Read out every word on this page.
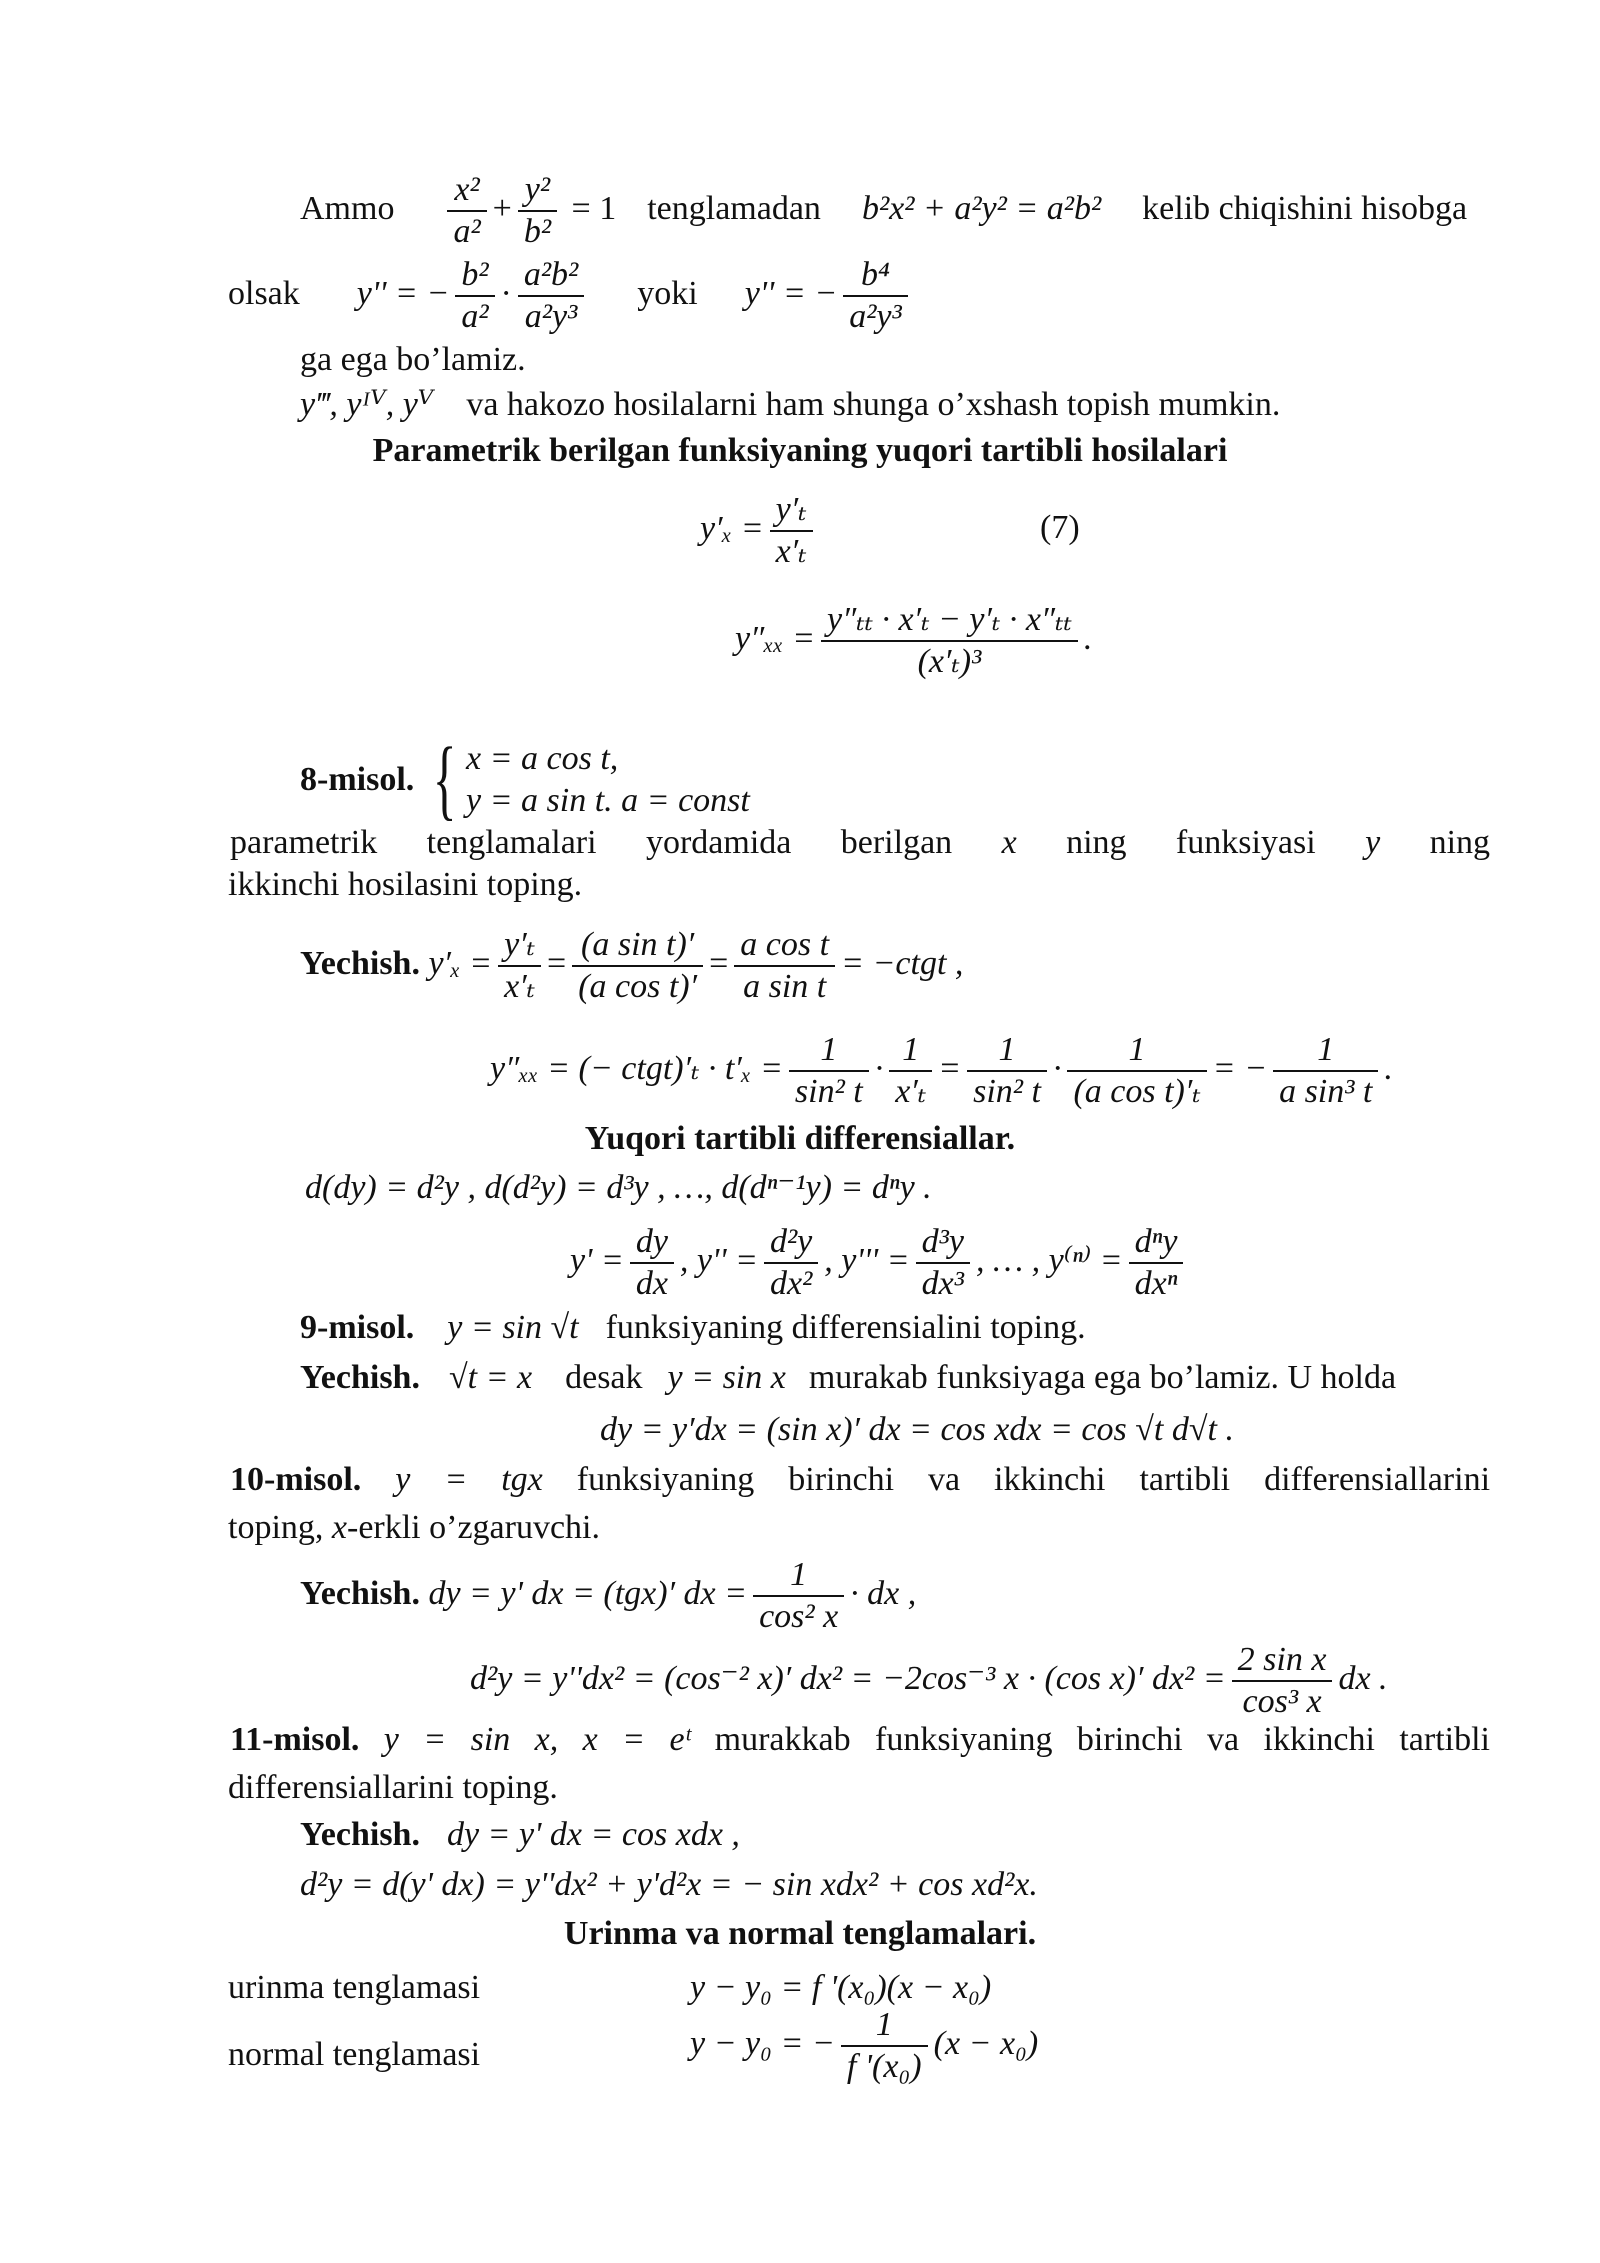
Ammo $\frac{\text{x²}}{\text{a²}} + \frac{\text{y²}}{\text{b²}} = 1$ tenglamadan b²x² + a²y² = a²b² kelib chiqishini hisobga
olsak y'' = − $\frac{\text{b²}}{\text{a²}} \cdot \frac{\text{a²b²}}{\text{a²y³}}$ yoki y'' = − $\frac{\text{b⁴}}{\text{a²y³}}$
ga ega bo’lamiz.
y‴, yᴵⱽ, yⱽ va hakozo hosilalarni ham shunga o’xshash topish mumkin.
Parametrik berilgan funksiyaning yuqori tartibli hosilalari
$y'_x = \frac{\text{y′ₜ}}{\text{x′ₜ}}$	(7)
$y''_{xx} = \frac{\text{y″ₜₜ · x′ₜ − y′ₜ · x″ₜₜ}}{\text{(x′ₜ)³}}$ .
8-misol. { x = a cos t,
y = a sin t. a = const
parametrik tenglamalari yordamida berilgan x ning funksiyasi y ning
ikkinchi hosilasini toping.
Yechish. $y'_x = \frac{\text{y′ₜ}}{\text{x′ₜ}} = \frac{\text{(a sin t)′}}{\text{(a cos t)′}} = \frac{\text{a cos t}}{\text{a sin t}}$ = −ctgt ,
y″ₓₓ = (− ctgt)′ₜ · $t'_x = \frac{1}{\text{sin² t}} \cdot \frac{1}{\text{x′ₜ}} = \frac{1}{\text{sin² t}} \cdot \frac{1}{\text{(a cos t)′ₜ}}$ = − $\frac{1}{\text{a sin³ t}}$ .
Yuqori tartibli differensiallar.
d(dy) = d²y , d(d²y) = d³y , …, d(dⁿ⁻¹y) = dⁿy .
$y' = \frac{dy}{dx}$ , $y'' = \frac{\text{d²y}}{\text{dx²}}$ , $y''' = \frac{\text{d³y}}{\text{dx³}}$ , … , $y^{(n)} = \frac{\text{dⁿy}}{\text{dxⁿ}}$
9-misol. y = sin √t funksiyaning differensialini toping.
Yechish. √t = x desak y = sin x murakab funksiyaga ega bo’lamiz. U holda
dy = y′dx = (sin x)′ dx = cos xdx = cos √t d√t .
10-misol. y = tgx funksiyaning birinchi va ikkinchi tartibli differensiallarini
toping, x-erkli o’zgaruvchi.
Yechish. dy = y' dx = (tgx)′ dx = $\frac{1}{\text{cos² x}}$ · dx ,
d²y = y''dx² = (cos⁻² x)′ dx² = −2cos⁻³ x · (cos x)′ $dx^2 = \frac{\text{2 sin x}}{\text{cos³ x}}$ dx .
11-misol. y = sin x, x = eᵗ murakkab funksiyaning birinchi va ikkinchi tartibli
differensiallarini toping.
Yechish. dy = y' dx = cos xdx ,
d²y = d(y' dx) = y''dx² + y'd²x = − sin xdx² + cos xd²x.
Urinma va normal tenglamalari.
urinma tenglamasi	y − y₀ = f '(x₀)(x − x₀)
normal tenglamasi	y − y₀ = − $\frac{1}{\text{f '(x₀)}} (x - x_0)$
